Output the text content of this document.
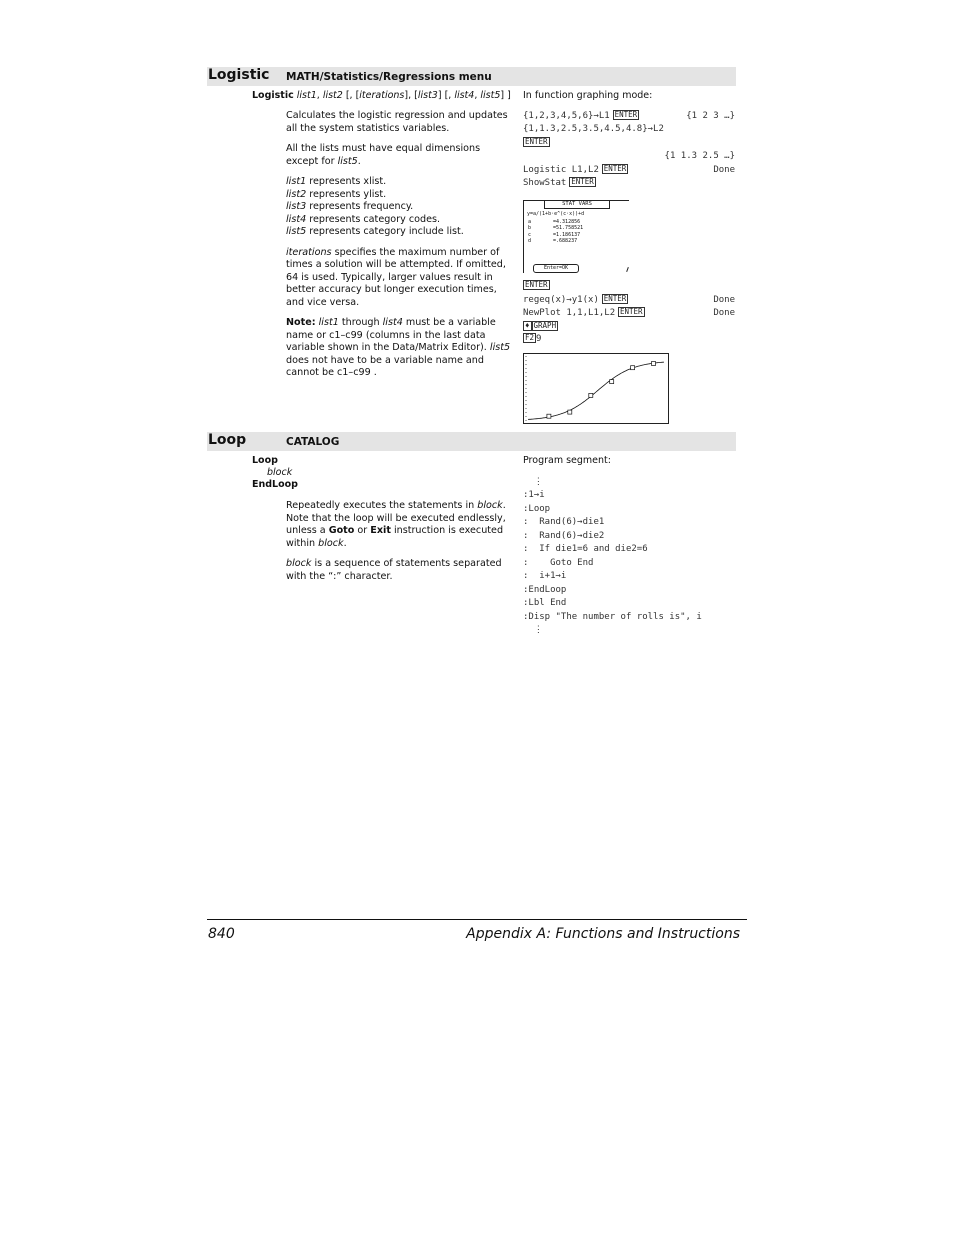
Logistic MATH/Statistics/Regressions menu
Logistic list1, list2 [, [iterations], [list3] [, list4, list5] ]

Calculates the logistic regression and updates all the system statistics variables.

All the lists must have equal dimensions except for list5.

list1 represents xlist.
list2 represents ylist.
list3 represents frequency.
list4 represents category codes.
list5 represents category include list.

iterations specifies the maximum number of times a solution will be attempted. If omitted, 64 is used. Typically, larger values result in better accuracy but longer execution times, and vice versa.

Note: list1 through list4 must be a variable name or c1–c99 (columns in the last data variable shown in the Data/Matrix Editor). list5 does not have to be a variable name and cannot be c1–c99 .

In function graphing mode:
{1,2,3,4,5,6}→L1 ENTER	{1 2 3 …}
{1,1.3,2.5,3.5,4.5,4.8}→L2
ENTER
{1 1.3 2.5 …}
Logistic L1,L2 ENTER	Done
ShowStat ENTER
STAT VARS
y=a/(1+b·e^(c·x))+d
a	=4.312856
b	=51.758521
c	=1.186137
d	=.688237
Enter=OK
ENTER
regeq(x)→y1(x) ENTER	Done
NewPlot 1,1,L1,L2 ENTER	Done
♦ GRAPH
F2 9
Loop	CATALOG
Loop
block
EndLoop

Repeatedly executes the statements in block. Note that the loop will be executed endlessly, unless a Goto or Exit instruction is executed within block.

block is a sequence of statements separated with the “:” character.

Program segment:
⋮
:1→i
:Loop
:  Rand(6)→die1
:  Rand(6)→die2
:  If die1=6 and die2=6
:    Goto End
:  i+1→i
:EndLoop
:Lbl End
:Disp "The number of rolls is", i
⋮
840	Appendix A: Functions and Instructions
